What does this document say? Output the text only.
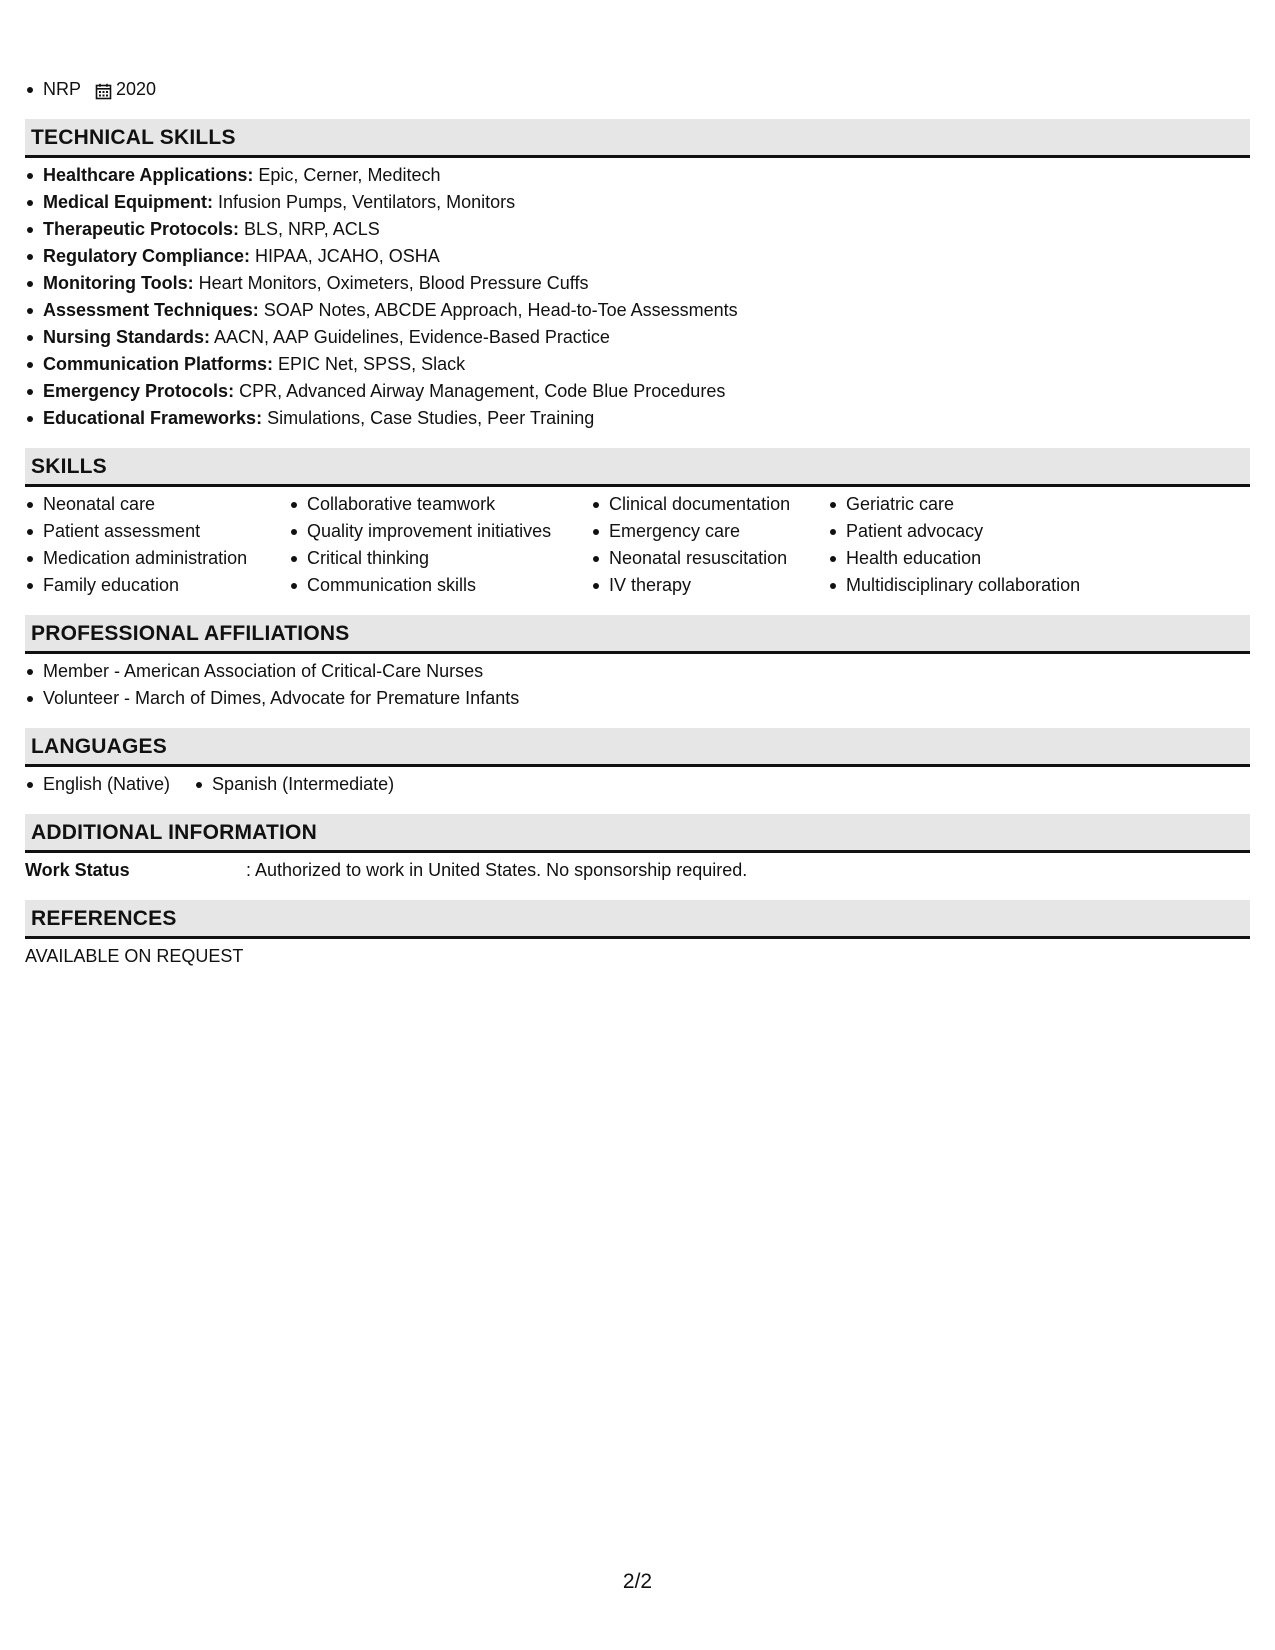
NRP 2020
TECHNICAL SKILLS
Healthcare Applications: Epic, Cerner, Meditech
Medical Equipment: Infusion Pumps, Ventilators, Monitors
Therapeutic Protocols: BLS, NRP, ACLS
Regulatory Compliance: HIPAA, JCAHO, OSHA
Monitoring Tools: Heart Monitors, Oximeters, Blood Pressure Cuffs
Assessment Techniques: SOAP Notes, ABCDE Approach, Head-to-Toe Assessments
Nursing Standards: AACN, AAP Guidelines, Evidence-Based Practice
Communication Platforms: EPIC Net, SPSS, Slack
Emergency Protocols: CPR, Advanced Airway Management, Code Blue Procedures
Educational Frameworks: Simulations, Case Studies, Peer Training
SKILLS
Neonatal care
Patient assessment
Medication administration
Family education
Collaborative teamwork
Quality improvement initiatives
Critical thinking
Communication skills
Clinical documentation
Emergency care
Neonatal resuscitation
IV therapy
Geriatric care
Patient advocacy
Health education
Multidisciplinary collaboration
PROFESSIONAL AFFILIATIONS
Member - American Association of Critical-Care Nurses
Volunteer - March of Dimes, Advocate for Premature Infants
LANGUAGES
English (Native)	Spanish (Intermediate)
ADDITIONAL INFORMATION
Work Status	: Authorized to work in United States. No sponsorship required.
REFERENCES
AVAILABLE ON REQUEST
2/2
